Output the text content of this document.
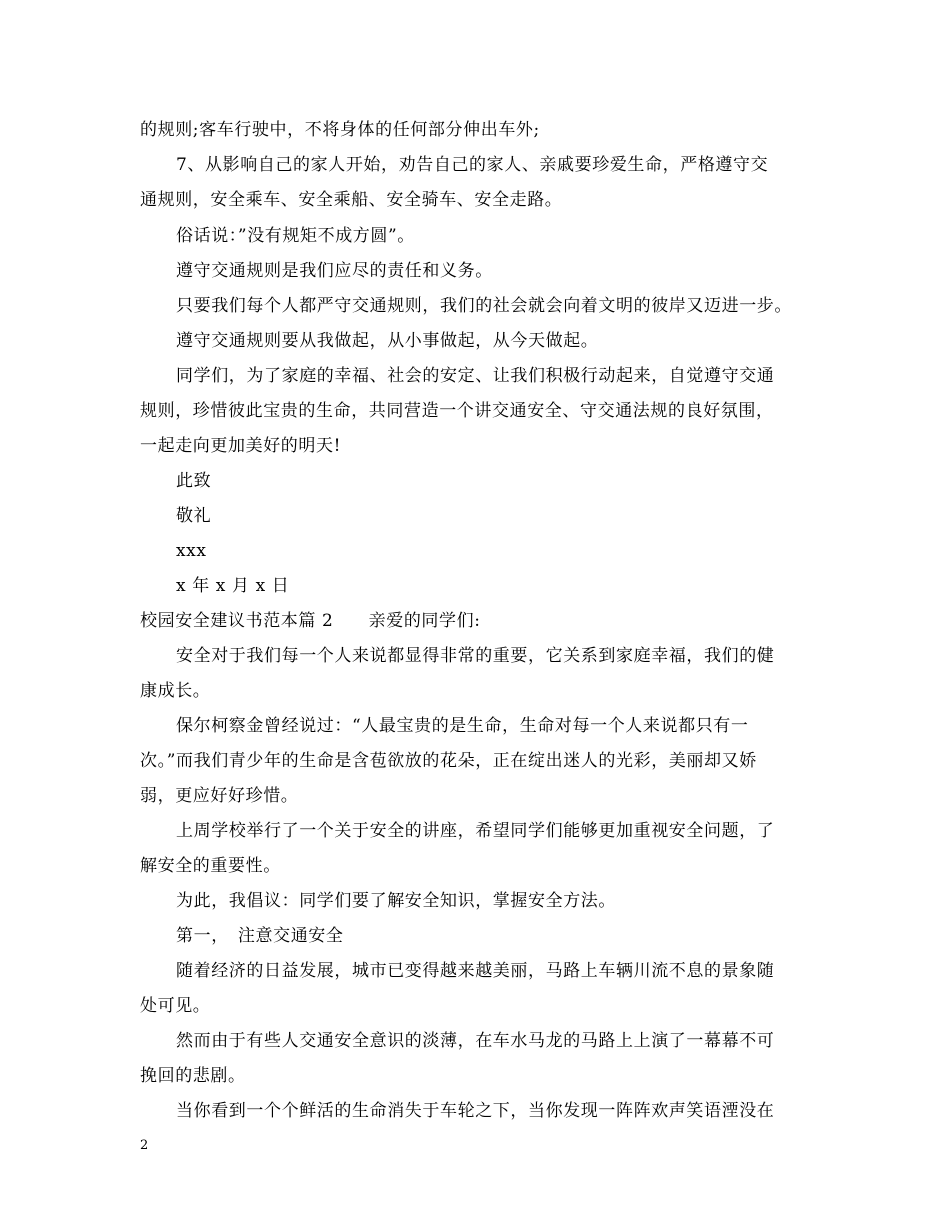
的规则;客车行驶中，不将身体的任何部分伸出车外;
7、从影响自己的家人开始，劝告自己的家人、亲戚要珍爱生命，严格遵守交
通规则，安全乘车、安全乘船、安全骑车、安全走路。
俗话说：”没有规矩不成方圆”。
遵守交通规则是我们应尽的责任和义务。
只要我们每个人都严守交通规则，我们的社会就会向着文明的彼岸又迈进一步。
遵守交通规则要从我做起，从小事做起，从今天做起。
同学们，为了家庭的幸福、社会的安定、让我们积极行动起来，自觉遵守交通
规则，珍惜彼此宝贵的生命，共同营造一个讲交通安全、守交通法规的良好氛围，
一起走向更加美好的明天!
此致
敬礼
xxx
x 年 x 月 x 日
校园安全建议书范本篇 2　　亲爱的同学们:
安全对于我们每一个人来说都显得非常的重要，它关系到家庭幸福，我们的健
康成长。
保尔柯察金曾经说过：“人最宝贵的是生命，生命对每一个人来说都只有一
次。”而我们青少年的生命是含苞欲放的花朵，正在绽出迷人的光彩，美丽却又娇
弱，更应好好珍惜。
上周学校举行了一个关于安全的讲座，希望同学们能够更加重视安全问题，了
解安全的重要性。
为此，我倡议：同学们要了解安全知识，掌握安全方法。
第一，　注意交通安全
随着经济的日益发展，城市已变得越来越美丽，马路上车辆川流不息的景象随
处可见。
然而由于有些人交通安全意识的淡薄，在车水马龙的马路上上演了一幕幕不可
挽回的悲剧。
当你看到一个个鲜活的生命消失于车轮之下，当你发现一阵阵欢声笑语湮没在
2
